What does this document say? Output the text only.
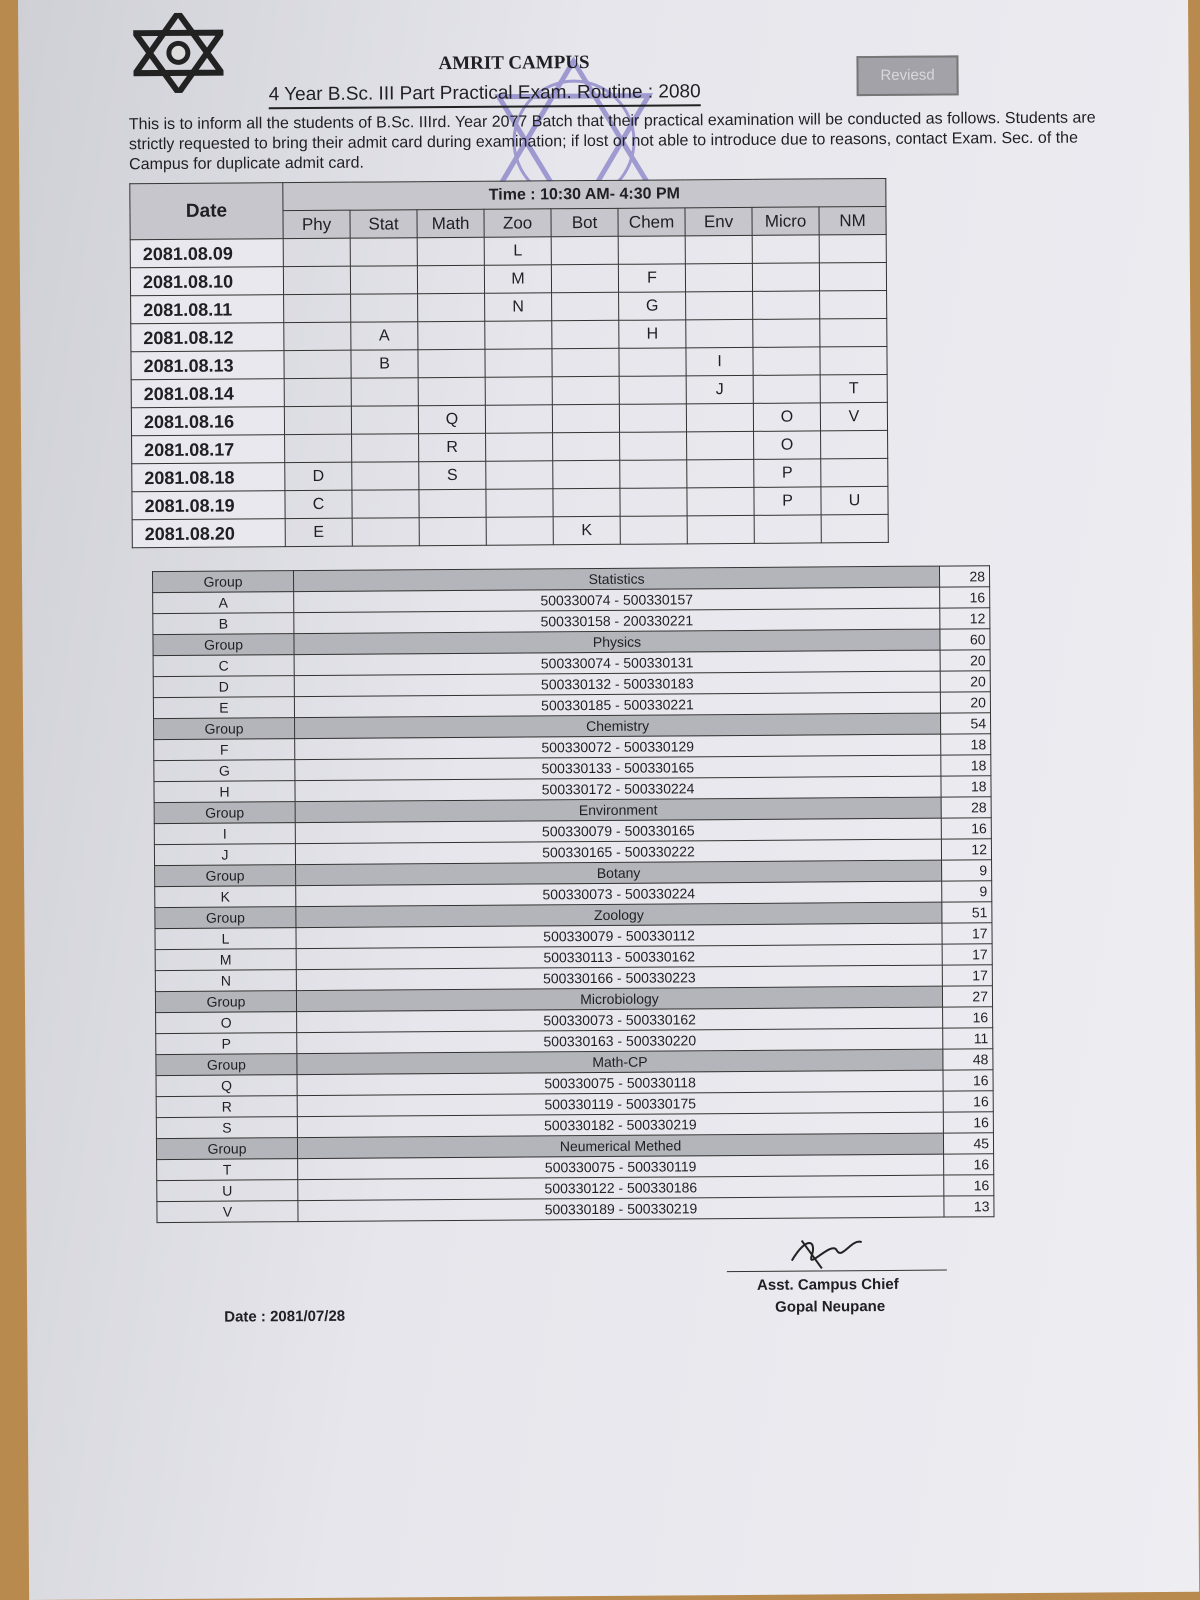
AMRIT CAMPUS
Reviesd
4 Year B.Sc. III Part Practical Exam. Routine : 2080
This is to inform all the students of B.Sc. IIIrd. Year 2077 Batch that their practical examination will be conducted as follows. Students are strictly requested to bring their admit card during examination; if lost or not able to introduce due to reasons, contact Exam. Sec. of the Campus for duplicate admit card.
Date	Time : 10:30 AM- 4:30 PM								
	Phy	Stat	Math	Zoo	Bot	Chem	Env	Micro	NM
2081.08.09				L					
2081.08.10				M		F			
2081.08.11				N		G			
2081.08.12		A				H			
2081.08.13		B					I		
2081.08.14							J		T
2081.08.16			Q					O	V
2081.08.17			R					O	
2081.08.18	D		S					P	
2081.08.19	C							P	U
2081.08.20	E				K				
Group	Statistics	28
A	500330074 - 500330157	16
B	500330158 - 200330221	12
Group	Physics	60
C	500330074 - 500330131	20
D	500330132 - 500330183	20
E	500330185 - 500330221	20
Group	Chemistry	54
F	500330072 - 500330129	18
G	500330133 - 500330165	18
H	500330172 - 500330224	18
Group	Environment	28
I	500330079 - 500330165	16
J	500330165 - 500330222	12
Group	Botany	9
K	500330073 - 500330224	9
Group	Zoology	51
L	500330079 - 500330112	17
M	500330113 - 500330162	17
N	500330166 - 500330223	17
Group	Microbiology	27
O	500330073 - 500330162	16
P	500330163 - 500330220	11
Group	Math-CP	48
Q	500330075 - 500330118	16
R	500330119 - 500330175	16
S	500330182 - 500330219	16
Group	Neumerical Methed	45
T	500330075 - 500330119	16
U	500330122 - 500330186	16
V	500330189 - 500330219	13
Asst. Campus Chief
Gopal Neupane
Date : 2081/07/28
